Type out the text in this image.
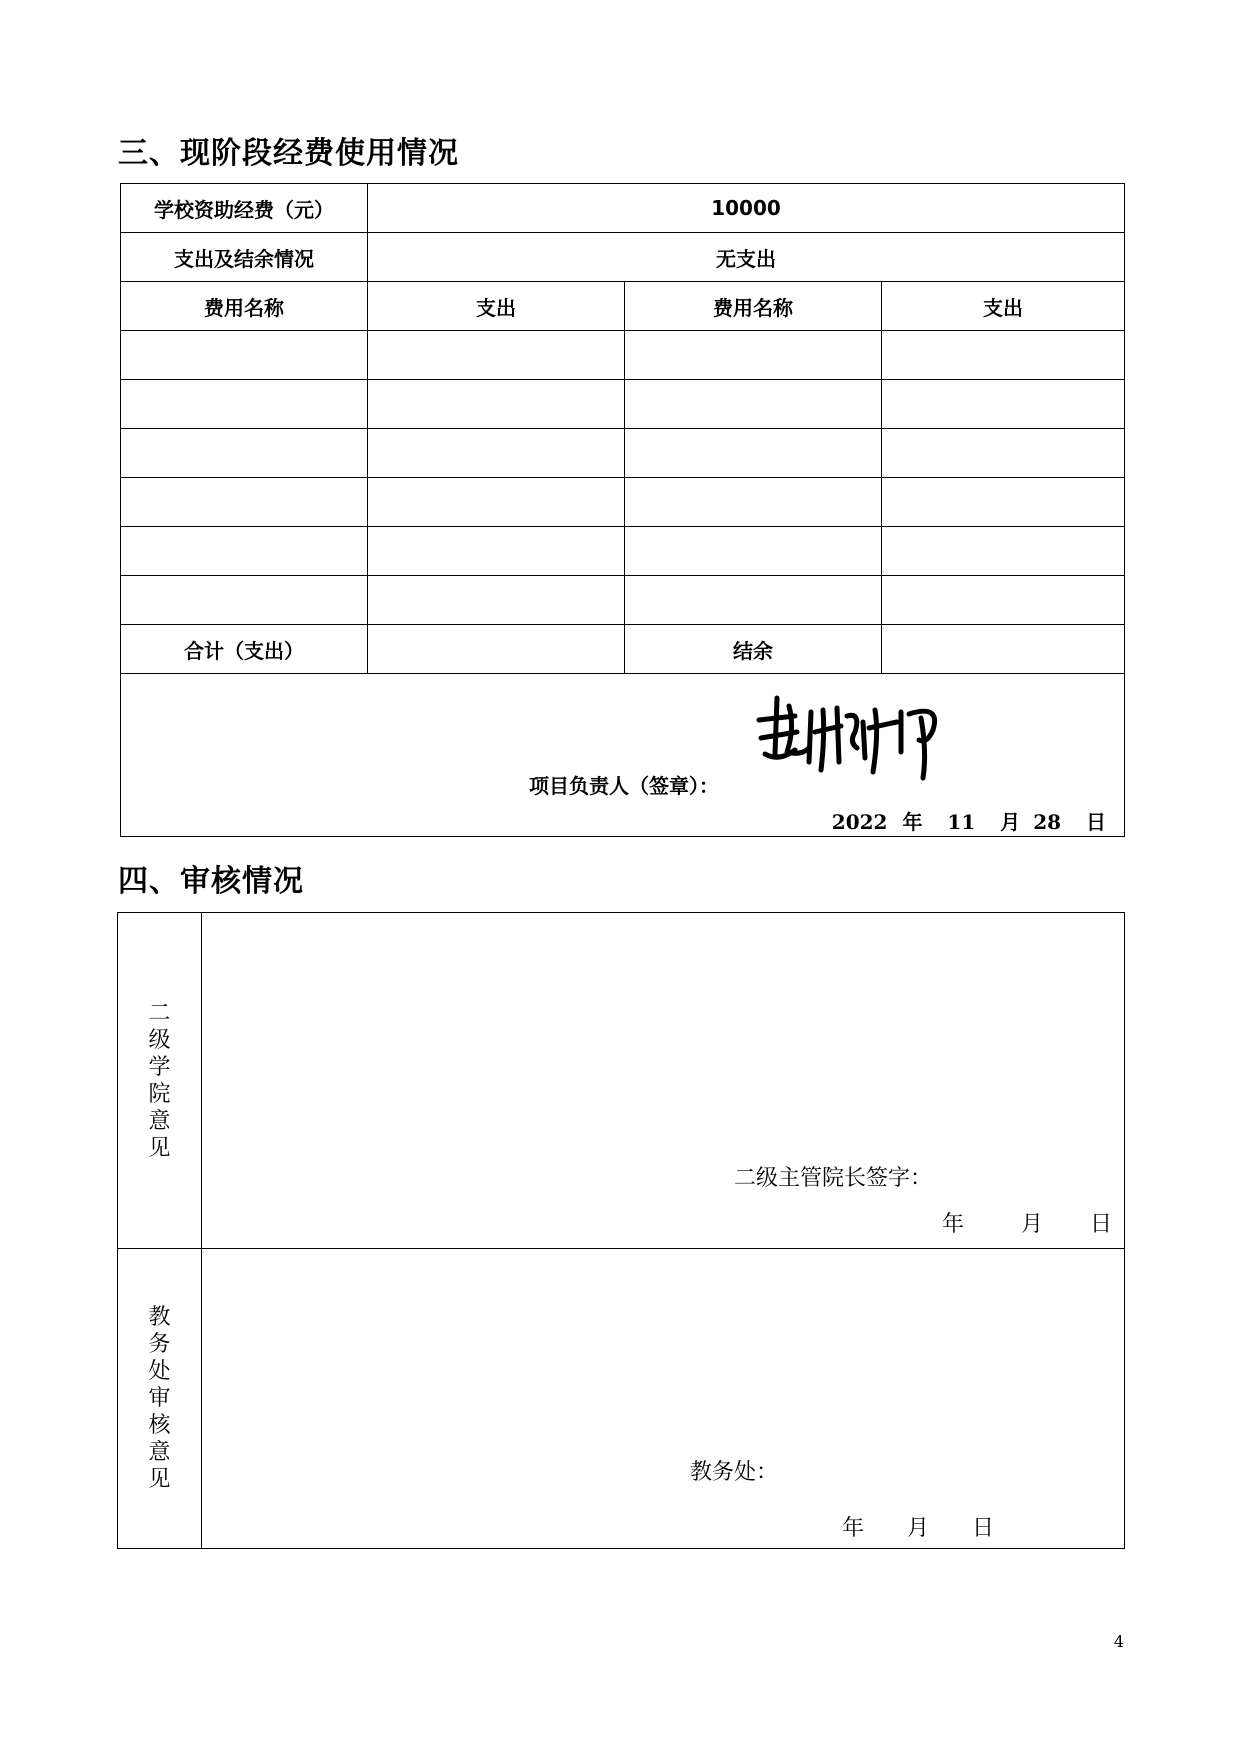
三、现阶段经费使用情况
学校资助经费（元）	10000		
支出及结余情况	无支出		
费用名称	支出	费用名称	支出

合计（支出）		结余	

项目负责人（签章）：
2022 年 11 月 28 日			
四、审核情况
二级学院意见	二级主管院长签字：
年 月 日

教务处审核意见	教务处：
年 月 日
4
